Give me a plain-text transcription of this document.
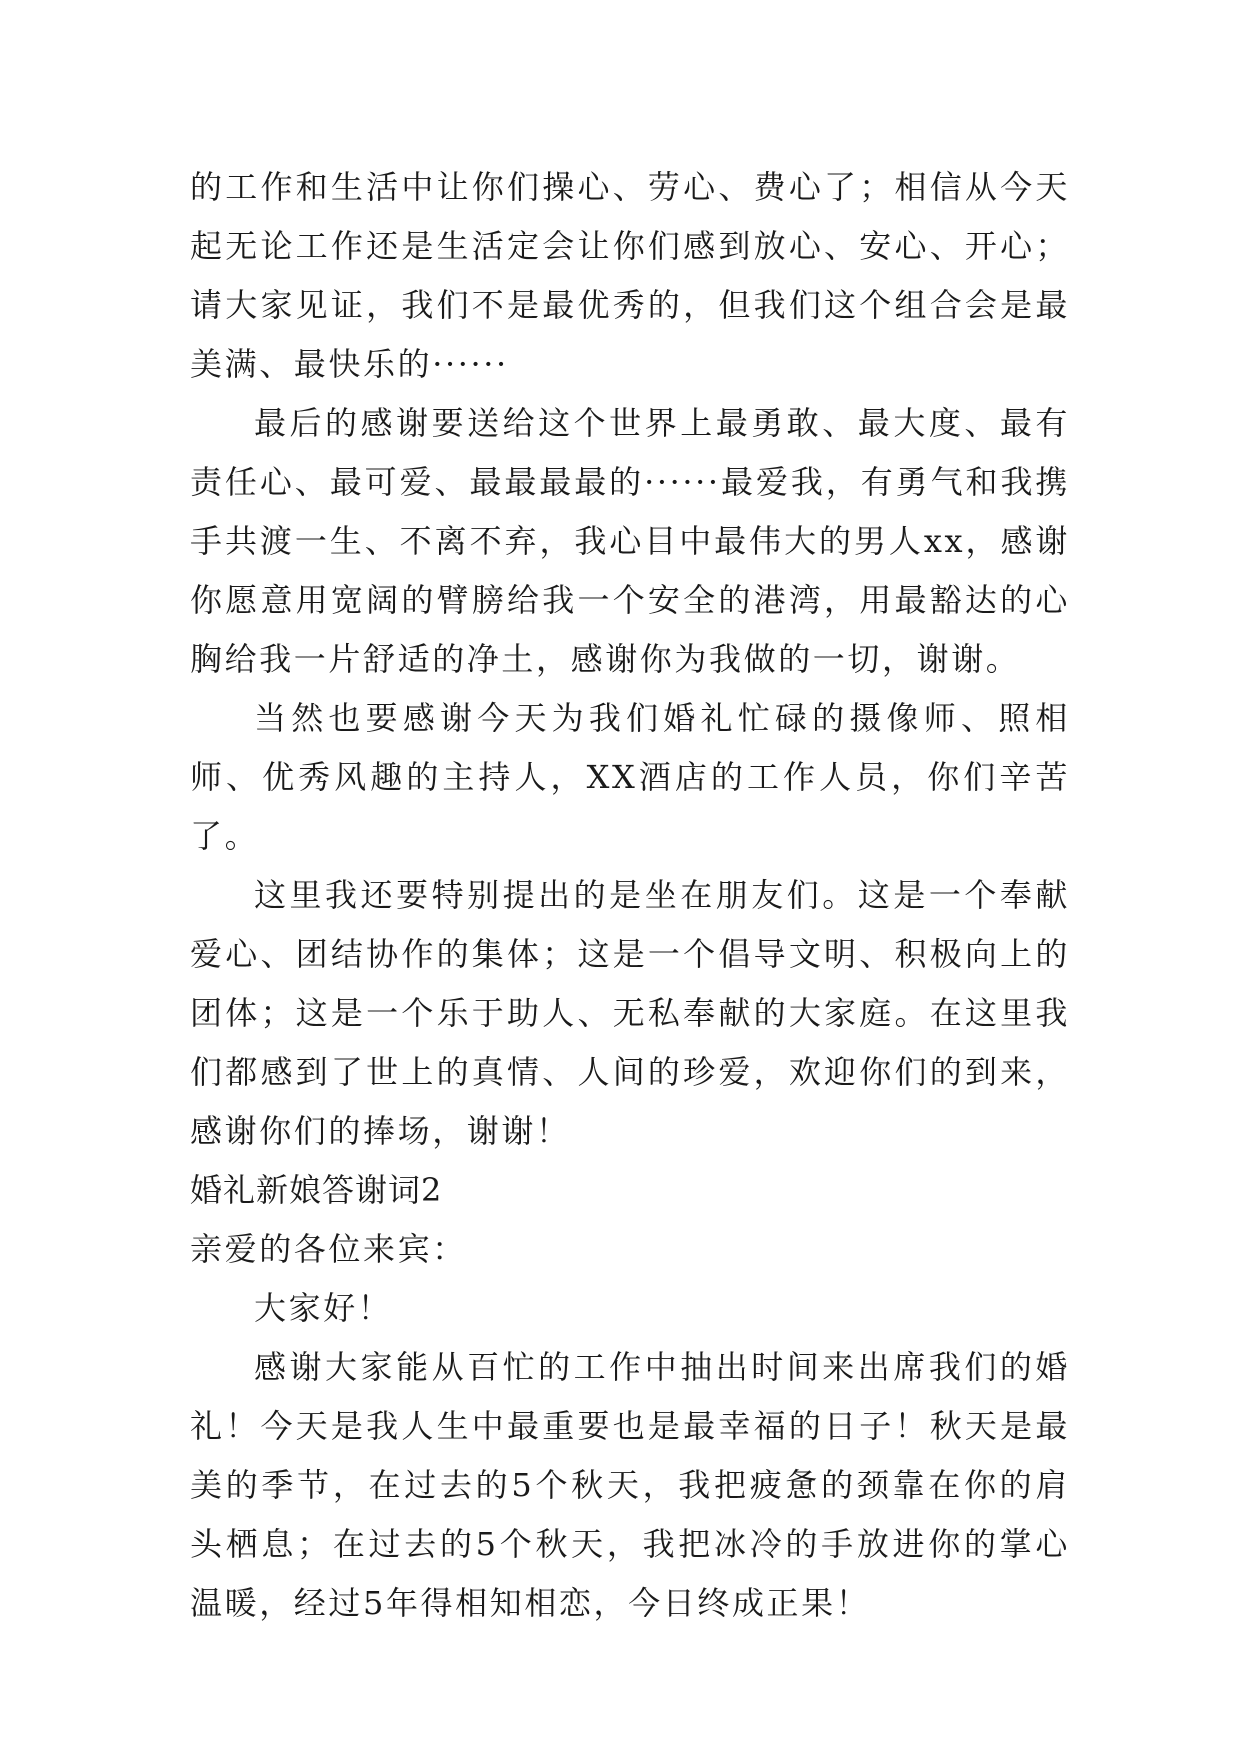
的工作和生活中让你们操心、劳心、费心了；相信从今天起无论工作还是生活定会让你们感到放心、安心、开心；请大家见证，我们不是最优秀的，但我们这个组合会是最美满、最快乐的······

最后的感谢要送给这个世界上最勇敢、最大度、最有责任心、最可爱、最最最最的······最爱我，有勇气和我携手共渡一生、不离不弃，我心目中最伟大的男人xx，感谢你愿意用宽阔的臂膀给我一个安全的港湾，用最豁达的心胸给我一片舒适的净土，感谢你为我做的一切，谢谢。

当然也要感谢今天为我们婚礼忙碌的摄像师、照相师、优秀风趣的主持人，XX酒店的工作人员，你们辛苦了。

这里我还要特别提出的是坐在朋友们。这是一个奉献爱心、团结协作的集体；这是一个倡导文明、积极向上的团体；这是一个乐于助人、无私奉献的大家庭。在这里我们都感到了世上的真情、人间的珍爱，欢迎你们的到来，感谢你们的捧场，谢谢！

婚礼新娘答谢词2

亲爱的各位来宾：

大家好！

感谢大家能从百忙的工作中抽出时间来出席我们的婚礼！今天是我人生中最重要也是最幸福的日子！秋天是最美的季节，在过去的5个秋天，我把疲惫的颈靠在你的肩头栖息；在过去的5个秋天，我把冰冷的手放进你的掌心温暖，经过5年得相知相恋，今日终成正果！
